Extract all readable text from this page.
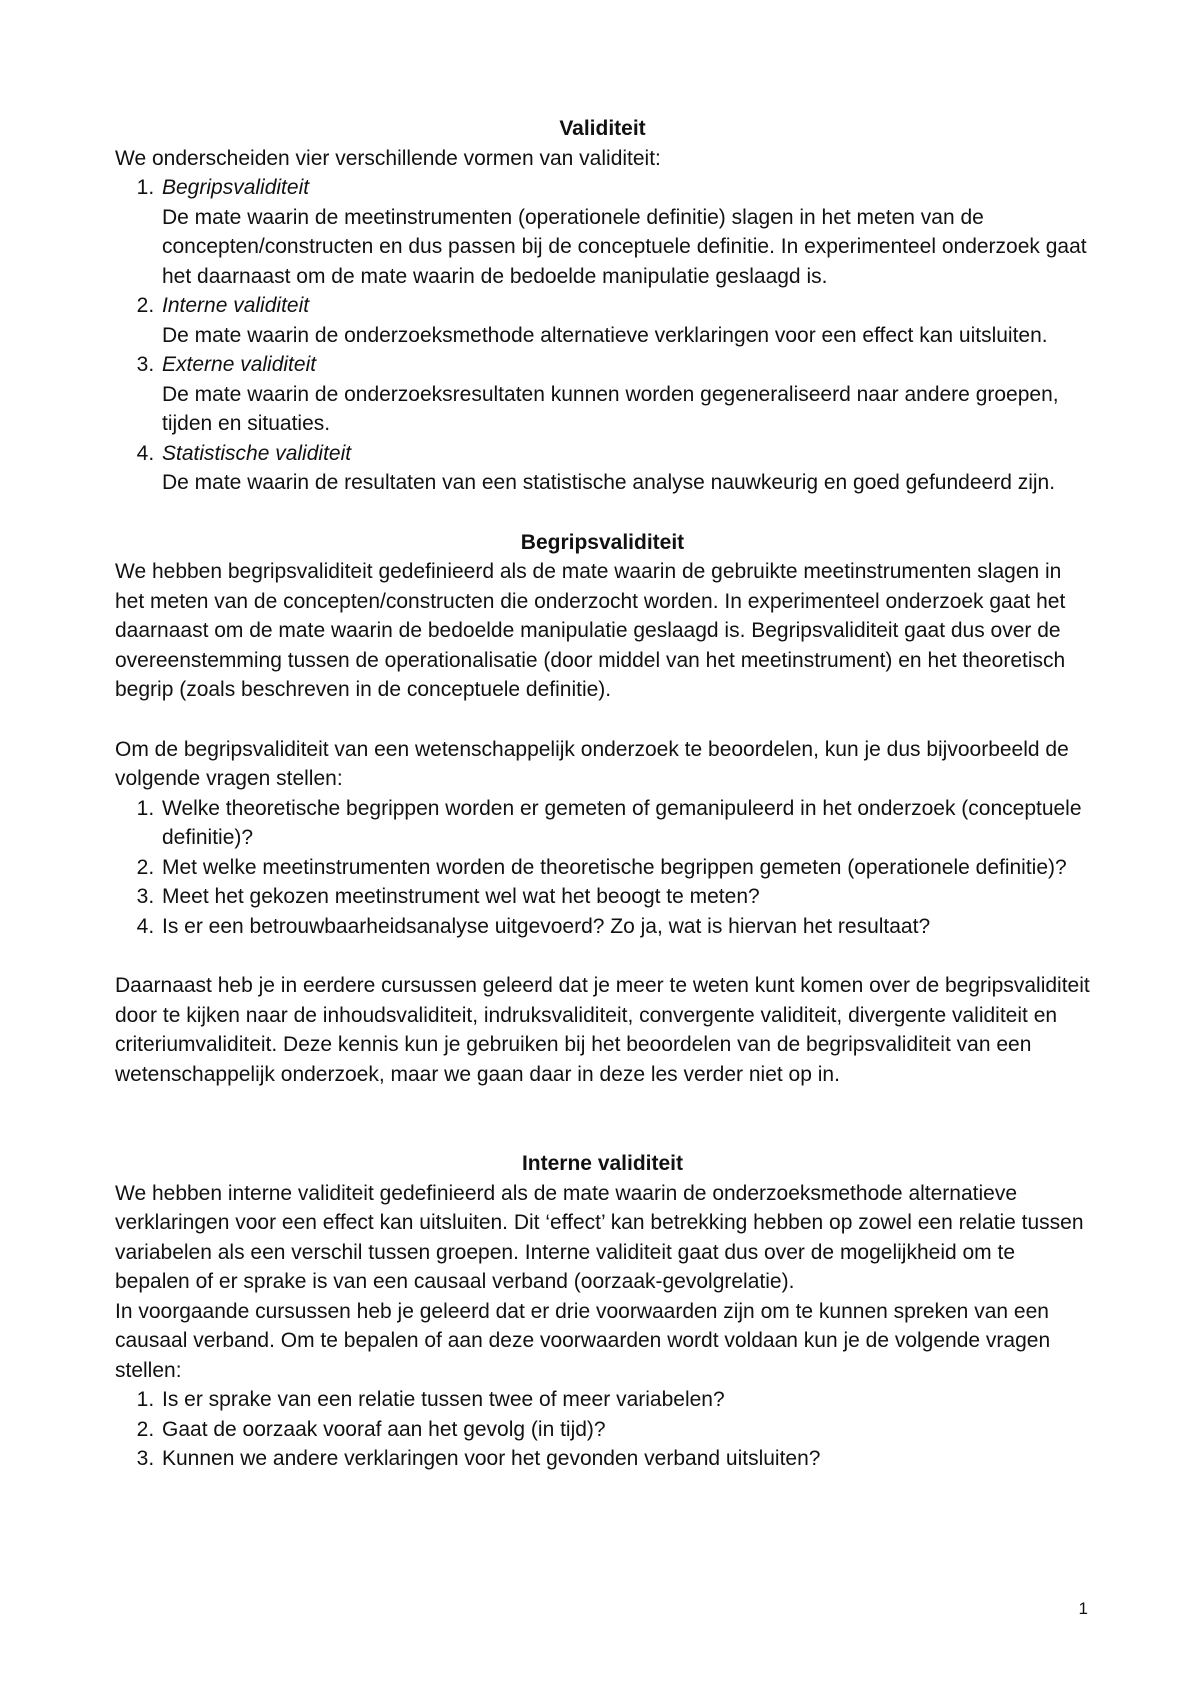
Validiteit

We onderscheiden vier verschillende vormen van validiteit:

1. Begripsvaliditeit
De mate waarin de meetinstrumenten (operationele definitie) slagen in het meten van de concepten/constructen en dus passen bij de conceptuele definitie. In experimenteel onderzoek gaat het daarnaast om de mate waarin de bedoelde manipulatie geslaagd is.
2. Interne validiteit
De mate waarin de onderzoeksmethode alternatieve verklaringen voor een effect kan uitsluiten.
3. Externe validiteit
De mate waarin de onderzoeksresultaten kunnen worden gegeneraliseerd naar andere groepen, tijden en situaties.
4. Statistische validiteit
De mate waarin de resultaten van een statistische analyse nauwkeurig en goed gefundeerd zijn.

Begripsvaliditeit

We hebben begripsvaliditeit gedefinieerd als de mate waarin de gebruikte meetinstrumenten slagen in het meten van de concepten/constructen die onderzocht worden. In experimenteel onderzoek gaat het daarnaast om de mate waarin de bedoelde manipulatie geslaagd is. Begripsvaliditeit gaat dus over de overeenstemming tussen de operationalisatie (door middel van het meetinstrument) en het theoretisch begrip (zoals beschreven in de conceptuele definitie).

Om de begripsvaliditeit van een wetenschappelijk onderzoek te beoordelen, kun je dus bijvoorbeeld de volgende vragen stellen:

1. Welke theoretische begrippen worden er gemeten of gemanipuleerd in het onderzoek (conceptuele definitie)?
2. Met welke meetinstrumenten worden de theoretische begrippen gemeten (operationele definitie)?
3. Meet het gekozen meetinstrument wel wat het beoogt te meten?
4. Is er een betrouwbaarheidsanalyse uitgevoerd? Zo ja, wat is hiervan het resultaat?

Daarnaast heb je in eerdere cursussen geleerd dat je meer te weten kunt komen over de begripsvaliditeit door te kijken naar de inhoudsvaliditeit, indruksvaliditeit, convergente validiteit, divergente validiteit en criteriumvaliditeit. Deze kennis kun je gebruiken bij het beoordelen van de begripsvaliditeit van een wetenschappelijk onderzoek, maar we gaan daar in deze les verder niet op in.

Interne validiteit

We hebben interne validiteit gedefinieerd als de mate waarin de onderzoeksmethode alternatieve verklaringen voor een effect kan uitsluiten. Dit ‘effect’ kan betrekking hebben op zowel een relatie tussen variabelen als een verschil tussen groepen. Interne validiteit gaat dus over de mogelijkheid om te bepalen of er sprake is van een causaal verband (oorzaak-gevolgrelatie).

In voorgaande cursussen heb je geleerd dat er drie voorwaarden zijn om te kunnen spreken van een causaal verband. Om te bepalen of aan deze voorwaarden wordt voldaan kun je de volgende vragen stellen:

1. Is er sprake van een relatie tussen twee of meer variabelen?
2. Gaat de oorzaak vooraf aan het gevolg (in tijd)?
3. Kunnen we andere verklaringen voor het gevonden verband uitsluiten?
1
